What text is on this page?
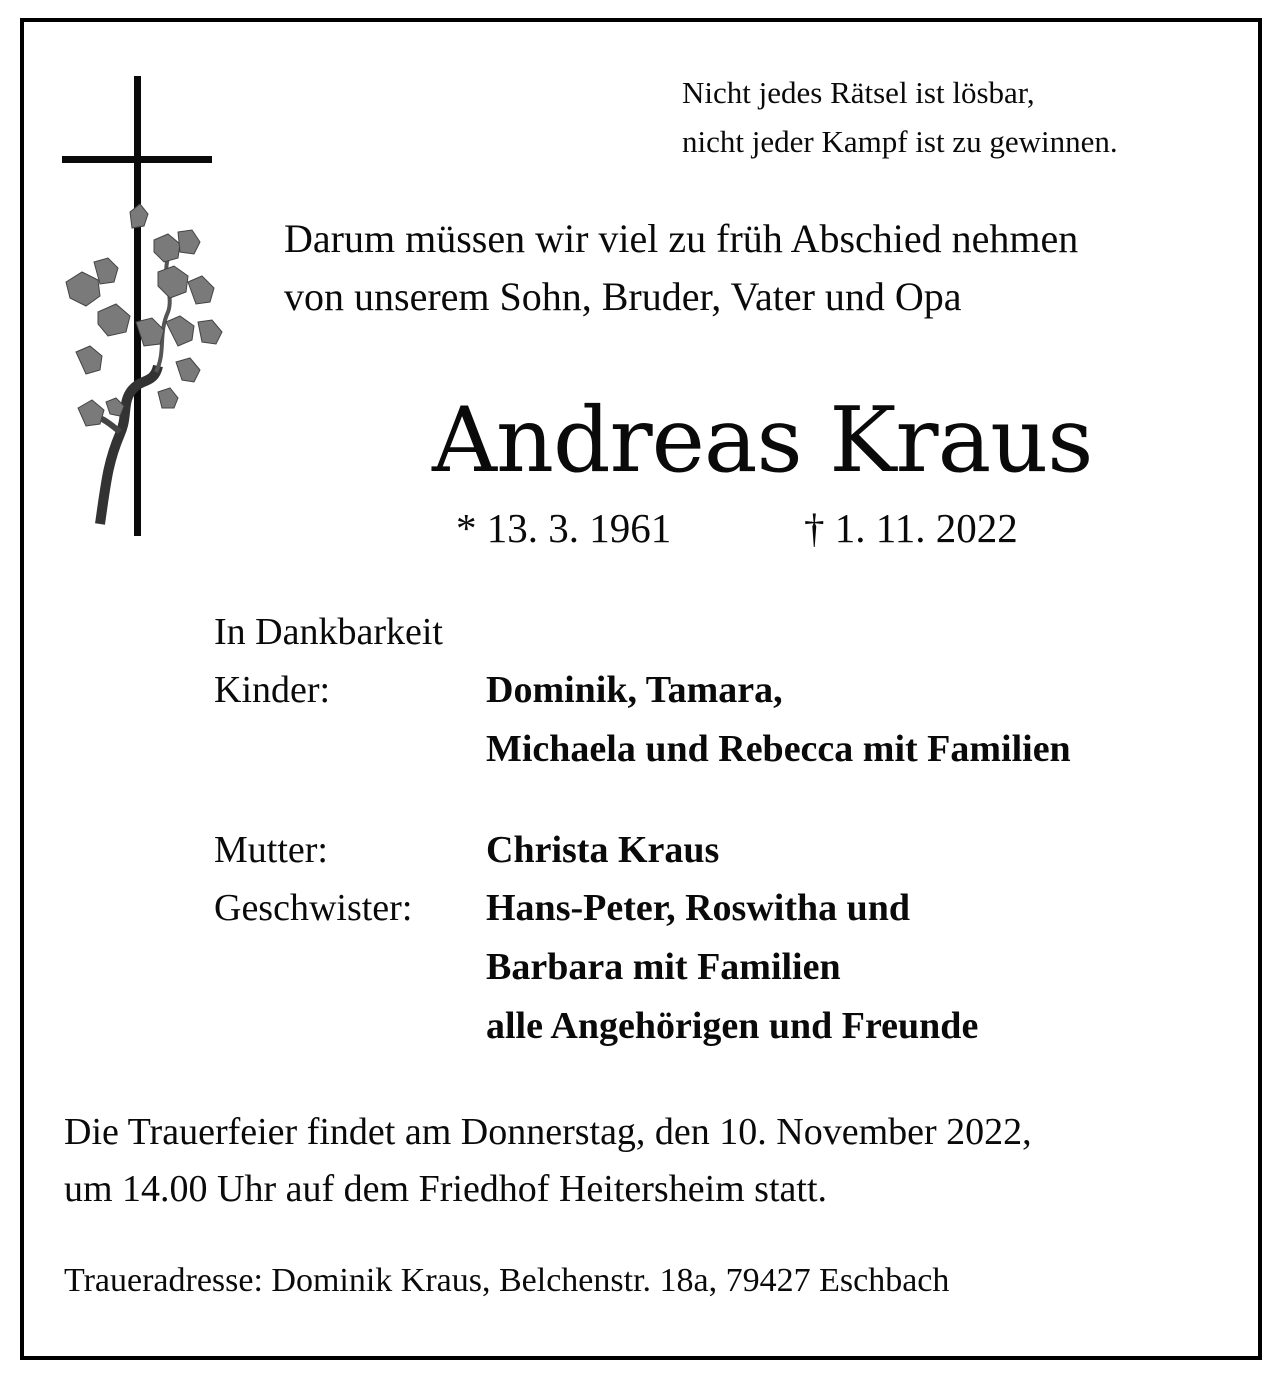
Nicht jedes Rätsel ist lösbar,
nicht jeder Kampf ist zu gewinnen.
Darum müssen wir viel zu früh Abschied nehmen
von unserem Sohn, Bruder, Vater und Opa
Andreas Kraus
* 13. 3. 1961	† 1. 11. 2022
In Dankbarkeit
Kinder:	Dominik, Tamara,
Michaela und Rebecca mit Familien
Mutter:	Christa Kraus
Geschwister: Hans-Peter, Roswitha und
Barbara mit Familien
alle Angehörigen und Freunde
Die Trauerfeier findet am Donnerstag, den 10. November 2022,
um 14.00 Uhr auf dem Friedhof Heitersheim statt.
Traueradresse: Dominik Kraus, Belchenstr. 18a, 79427 Eschbach
